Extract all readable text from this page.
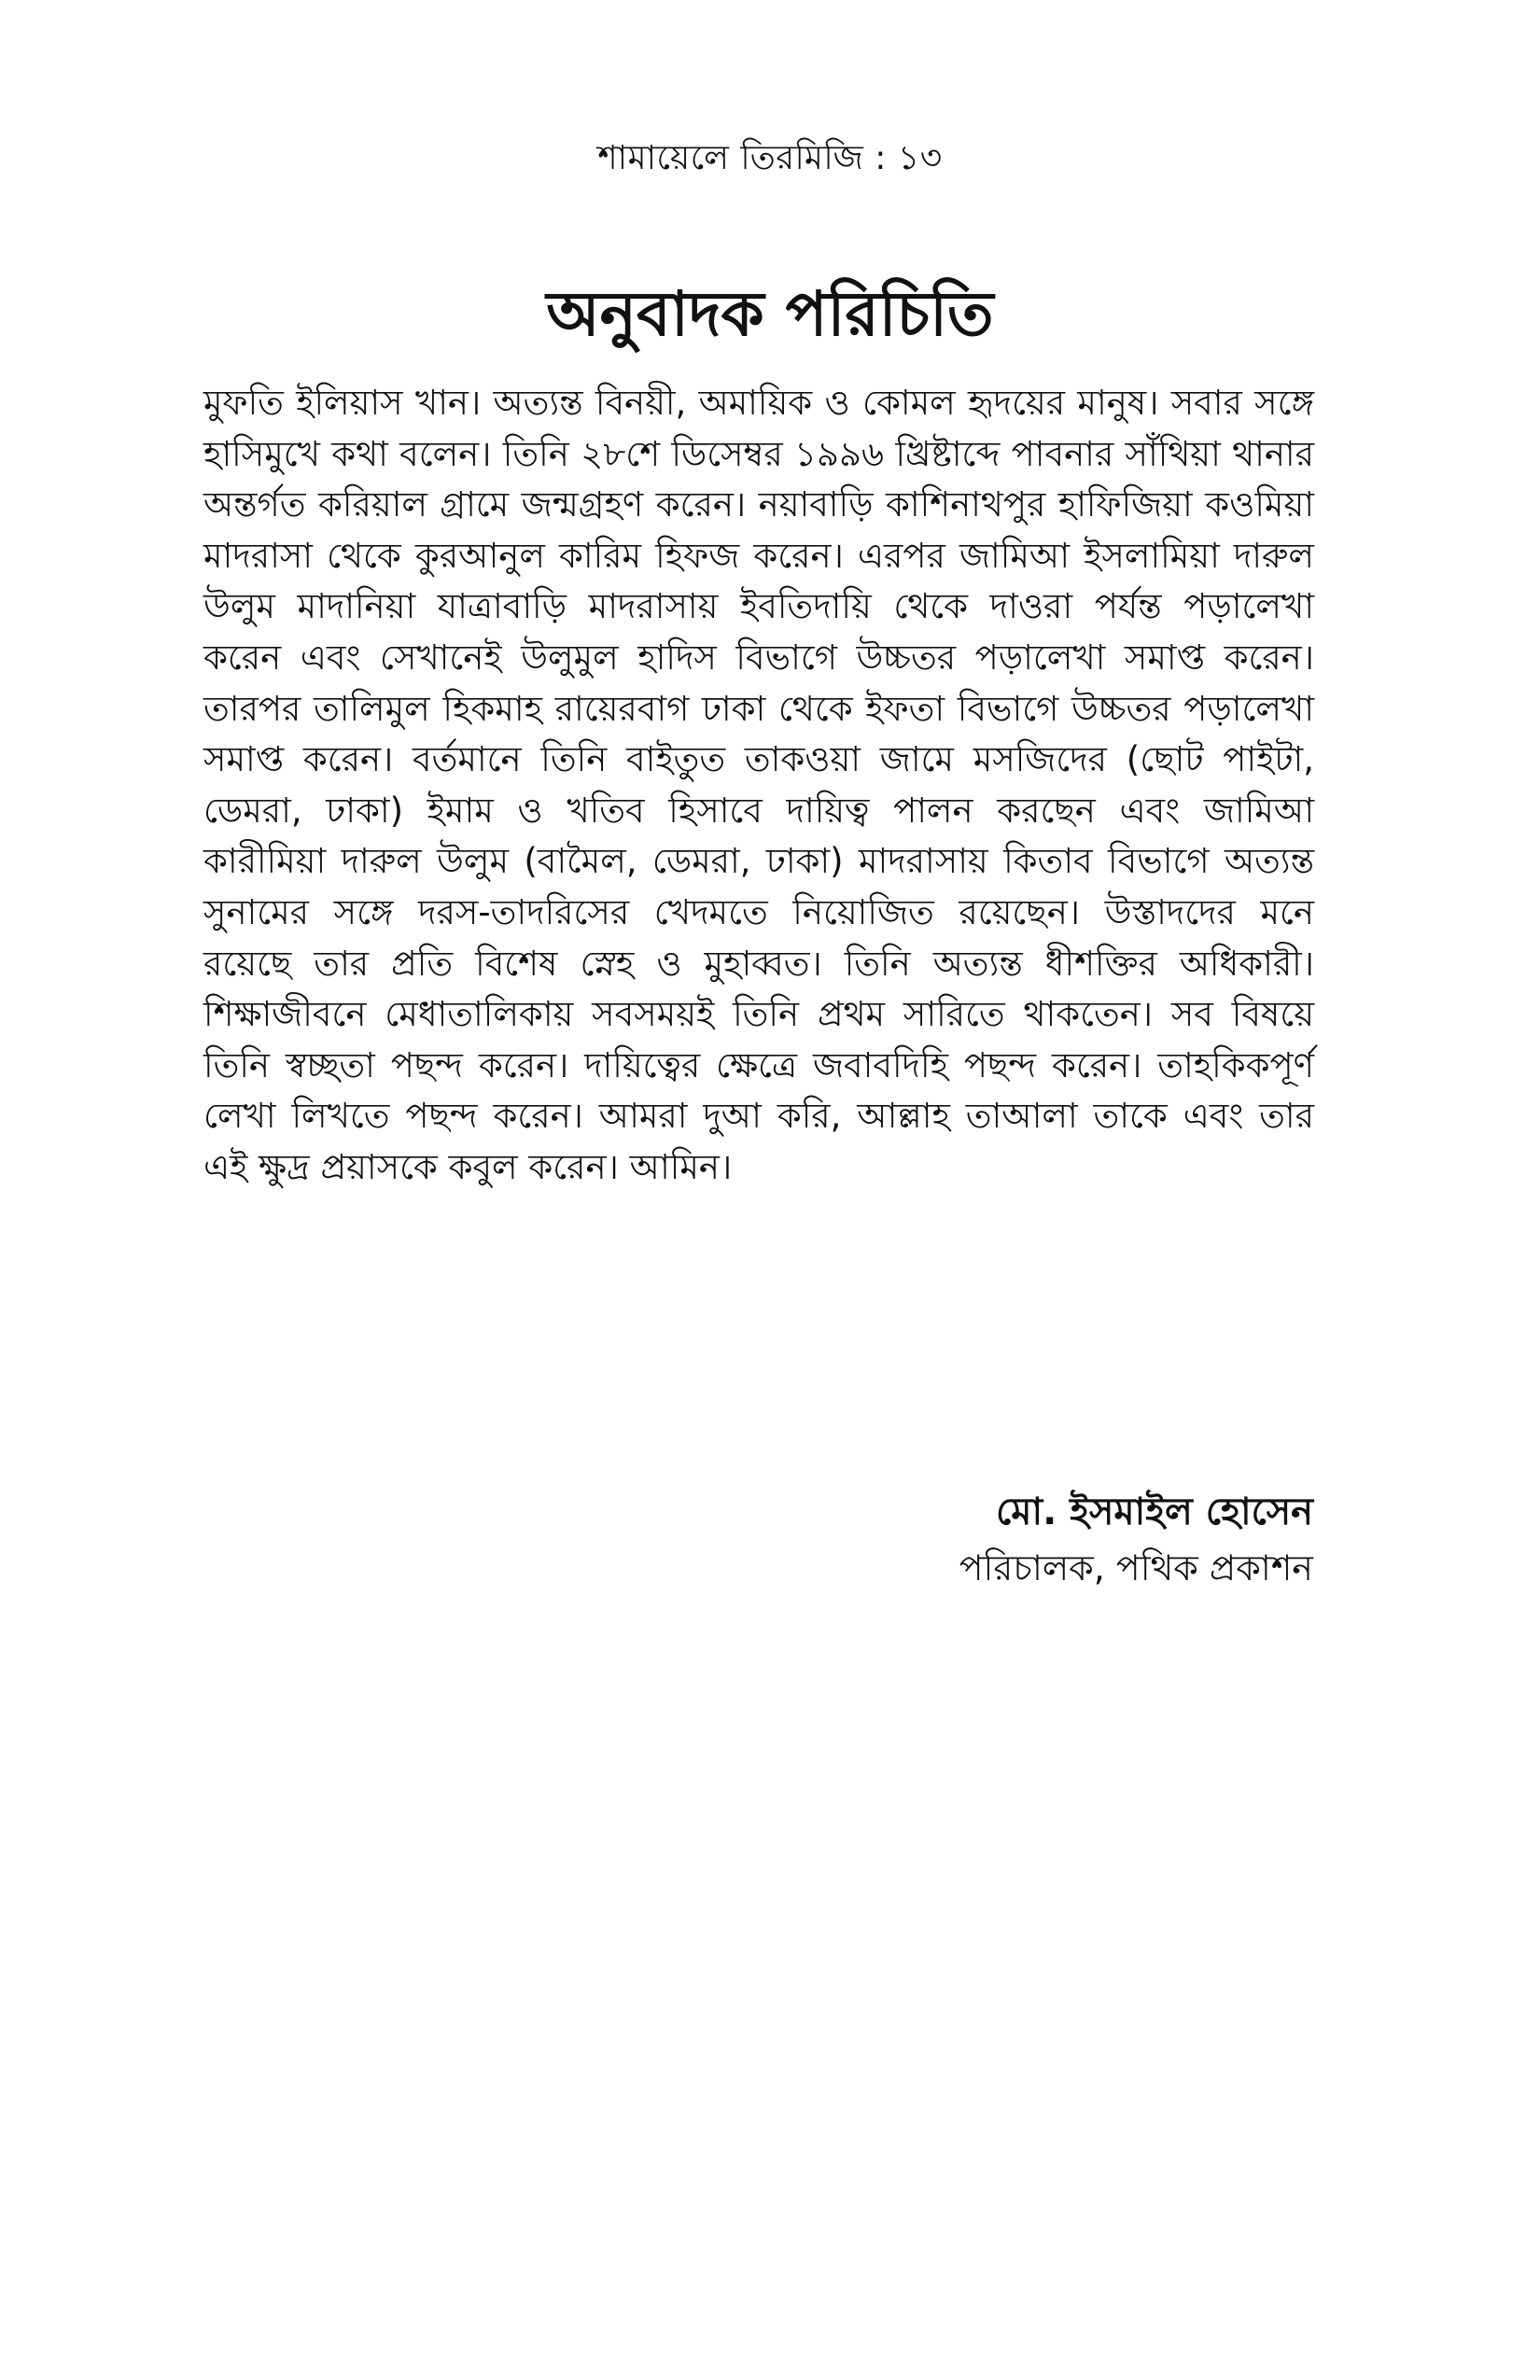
শামায়েলে তিরমিজি : ১৩
অনুবাদক পরিচিতি

মুফতি ইলিয়াস খান। অত্যন্ত বিনয়ী, অমায়িক ও কোমল হৃদয়ের মানুষ। সবার সঙ্গে হাসিমুখে কথা বলেন। তিনি ২৮শে ডিসেম্বর ১৯৯৬ খ্রিষ্টাব্দে পাবনার সাঁথিয়া থানার অন্তর্গত করিয়াল গ্রামে জন্মগ্রহণ করেন। নয়াবাড়ি কাশিনাথপুর হাফিজিয়া কওমিয়া মাদরাসা থেকে কুরআনুল কারিম হিফজ করেন। এরপর জামিআ ইসলামিয়া দারুল উলুম মাদানিয়া যাত্রাবাড়ি মাদরাসায় ইবতিদায়ি থেকে দাওরা পর্যন্ত পড়ালেখা করেন এবং সেখানেই উলুমুল হাদিস বিভাগে উচ্চতর পড়ালেখা সমাপ্ত করেন। তারপর তালিমুল হিকমাহ রায়েরবাগ ঢাকা থেকে ইফতা বিভাগে উচ্চতর পড়ালেখা সমাপ্ত করেন। বর্তমানে তিনি বাইতুত তাকওয়া জামে মসজিদের (ছোট পাইটা, ডেমরা, ঢাকা) ইমাম ও খতিব হিসাবে দায়িত্ব পালন করছেন এবং জামিআ কারীমিয়া দারুল উলুম (বামৈল, ডেমরা, ঢাকা) মাদরাসায় কিতাব বিভাগে অত্যন্ত সুনামের সঙ্গে দরস-তাদরিসের খেদমতে নিয়োজিত রয়েছেন। উস্তাদদের মনে রয়েছে তার প্রতি বিশেষ স্নেহ ও মুহাব্বত। তিনি অত্যন্ত ধীশক্তির অধিকারী। শিক্ষাজীবনে মেধাতালিকায় সবসময়ই তিনি প্রথম সারিতে থাকতেন। সব বিষয়ে তিনি স্বচ্ছতা পছন্দ করেন। দায়িত্বের ক্ষেত্রে জবাবদিহি পছন্দ করেন। তাহকিকপূর্ণ লেখা লিখতে পছন্দ করেন। আমরা দুআ করি, আল্লাহ তাআলা তাকে এবং তার এই ক্ষুদ্র প্রয়াসকে কবুল করেন। আমিন।

মো. ইসমাইল হোসেন
পরিচালক, পথিক প্রকাশন
